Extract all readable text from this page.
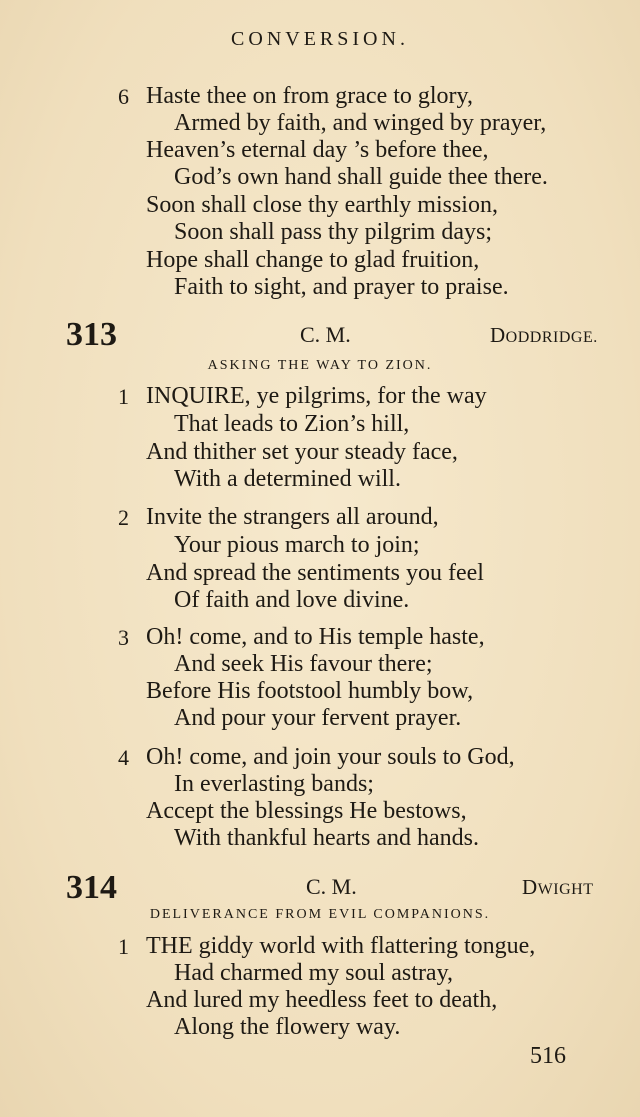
CONVERSION.
6 Haste thee on from grace to glory,
Armed by faith, and winged by prayer,
Heaven’s eternal day ’s before thee,
God’s own hand shall guide thee there.
Soon shall close thy earthly mission,
Soon shall pass thy pilgrim days;
Hope shall change to glad fruition,
Faith to sight, and prayer to praise.
313	C. M.	DODDRIDGE.
ASKING THE WAY TO ZION.
1 INQUIRE, ye pilgrims, for the way
That leads to Zion’s hill,
And thither set your steady face,
With a determined will.
2 Invite the strangers all around,
Your pious march to join;
And spread the sentiments you feel
Of faith and love divine.
3 Oh! come, and to His temple haste,
And seek His favour there;
Before His footstool humbly bow,
And pour your fervent prayer.
4 Oh! come, and join your souls to God,
In everlasting bands;
Accept the blessings He bestows,
With thankful hearts and hands.
314	C. M.	DWIGHT
DELIVERANCE FROM EVIL COMPANIONS.
1 THE giddy world with flattering tongue,
Had charmed my soul astray,
And lured my heedless feet to death,
Along the flowery way.
516
